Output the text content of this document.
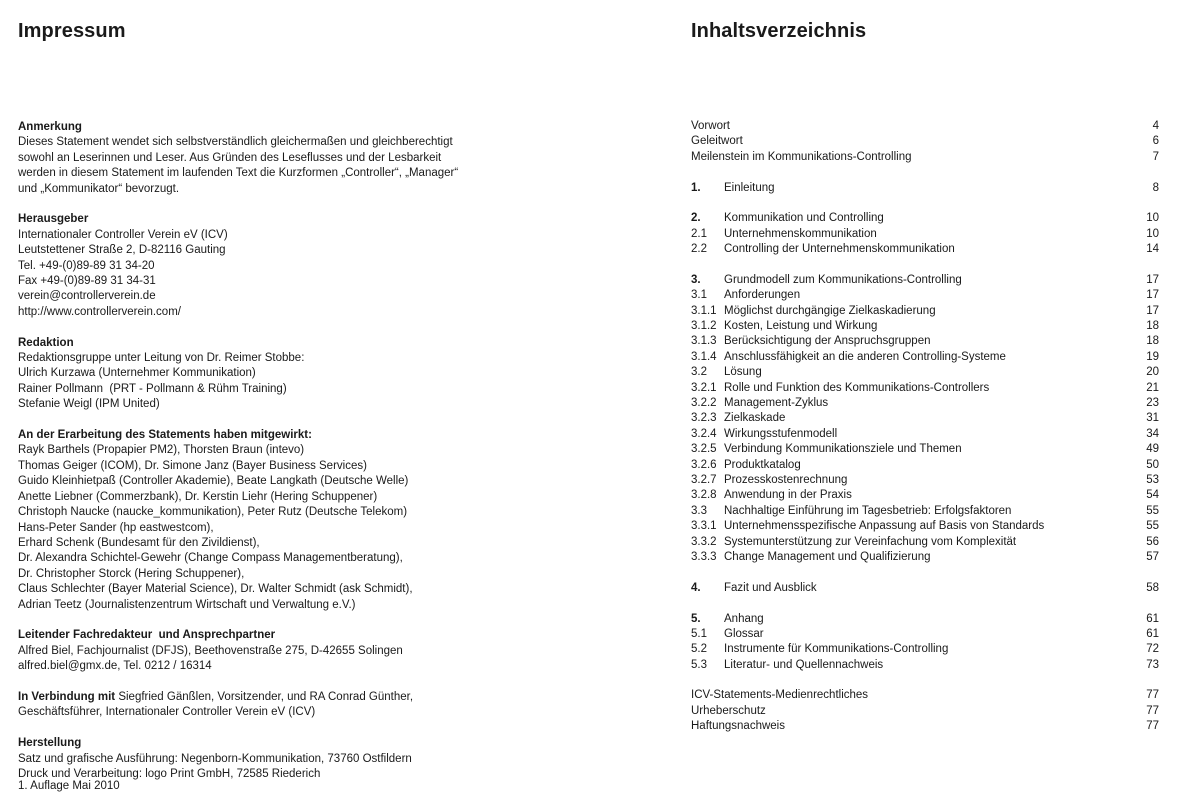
Impressum
Anmerkung
Dieses Statement wendet sich selbstverständlich gleichermaßen und gleichberechtigt
sowohl an Leserinnen und Leser. Aus Gründen des Leseflusses und der Lesbarkeit
werden in diesem Statement im laufenden Text die Kurzformen „Controller“, „Manager“
und „Kommunikator“ bevorzugt.
Herausgeber
Internationaler Controller Verein eV (ICV)
Leutstettener Straße 2, D-82116 Gauting
Tel. +49-(0)89-89 31 34-20
Fax +49-(0)89-89 31 34-31
verein@controllerverein.de
http://www.controllerverein.com/
Redaktion
Redaktionsgruppe unter Leitung von Dr. Reimer Stobbe:
Ulrich Kurzawa (Unternehmer Kommunikation)
Rainer Pollmann  (PRT - Pollmann & Rühm Training)
Stefanie Weigl (IPM United)
An der Erarbeitung des Statements haben mitgewirkt:
Rayk Barthels (Propapier PM2), Thorsten Braun (intevo)
Thomas Geiger (ICOM), Dr. Simone Janz (Bayer Business Services)
Guido Kleinhietpaß (Controller Akademie), Beate Langkath (Deutsche Welle)
Anette Liebner (Commerzbank), Dr. Kerstin Liehr (Hering Schuppener)
Christoph Naucke (naucke_kommunikation), Peter Rutz (Deutsche Telekom)
Hans-Peter Sander (hp eastwestcom),
Erhard Schenk (Bundesamt für den Zivildienst),
Dr. Alexandra Schichtel-Gewehr (Change Compass Managementberatung),
Dr. Christopher Storck (Hering Schuppener),
Claus Schlechter (Bayer Material Science), Dr. Walter Schmidt (ask Schmidt),
Adrian Teetz (Journalistenzentrum Wirtschaft und Verwaltung e.V.)
Leitender Fachredakteur  und Ansprechpartner
Alfred Biel, Fachjournalist (DFJS), Beethovenstraße 275, D-42655 Solingen
alfred.biel@gmx.de, Tel. 0212 / 16314
In Verbindung mit Siegfried Gänßlen, Vorsitzender, und RA Conrad Günther,
Geschäftsführer, Internationaler Controller Verein eV (ICV)
Herstellung
Satz und grafische Ausführung: Negenborn-Kommunikation, 73760 Ostfildern
Druck und Verarbeitung: logo Print GmbH, 72585 Riederich
1. Auflage Mai 2010
Inhaltsverzeichnis
Vorwort	4
Geleitwort	6
Meilenstein im Kommunikations-Controlling	7
1. Einleitung	8
2. Kommunikation und Controlling	10
2.1 Unternehmenskommunikation	10
2.2 Controlling der Unternehmenskommunikation	14
3. Grundmodell zum Kommunikations-Controlling	17
3.1 Anforderungen	17
3.1.1 Möglichst durchgängige Zielkaskadierung	17
3.1.2 Kosten, Leistung und Wirkung	18
3.1.3 Berücksichtigung der Anspruchsgruppen	18
3.1.4 Anschlussfähigkeit an die anderen Controlling-Systeme	19
3.2 Lösung	20
3.2.1 Rolle und Funktion des Kommunikations-Controllers	21
3.2.2 Management-Zyklus	23
3.2.3 Zielkaskade	31
3.2.4 Wirkungsstufenmodell	34
3.2.5 Verbindung Kommunikationsziele und Themen	49
3.2.6 Produktkatalog	50
3.2.7 Prozesskostenrechnung	53
3.2.8 Anwendung in der Praxis	54
3.3 Nachhaltige Einführung im Tagesbetrieb: Erfolgsfaktoren	55
3.3.1 Unternehmensspezifische Anpassung auf Basis von Standards	55
3.3.2 Systemunterstützung zur Vereinfachung vom Komplexität	56
3.3.3 Change Management und Qualifizierung	57
4. Fazit und Ausblick	58
5. Anhang	61
5.1 Glossar	61
5.2 Instrumente für Kommunikations-Controlling	72
5.3 Literatur- und Quellennachweis	73
ICV-Statements-Medienrechtliches	77
Urheberschutz	77
Haftungsnachweis	77
